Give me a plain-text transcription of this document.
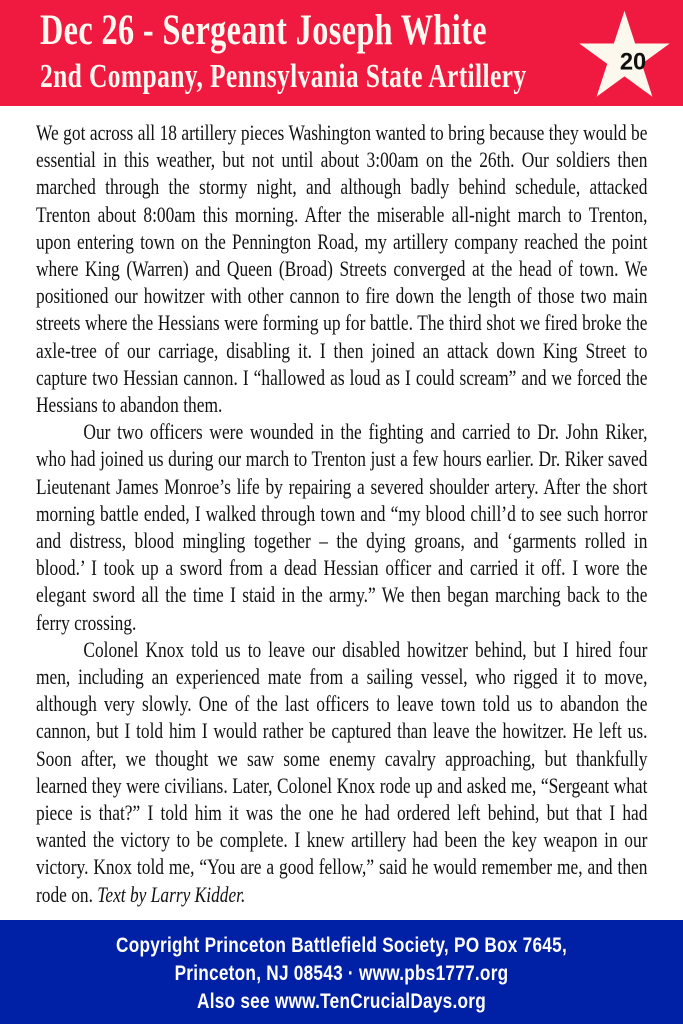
Dec 26 - Sergeant Joseph White
2nd Company, Pennsylvania State Artillery	20

We got across all 18 artillery pieces Washington wanted to bring because they would be essential in this weather, but not until about 3:00am on the 26th. Our soldiers then marched through the stormy night, and although badly behind schedule, attacked Trenton about 8:00am this morning. After the miserable all-night march to Trenton, upon entering town on the Pennington Road, my artillery company reached the point where King (Warren) and Queen (Broad) Streets converged at the head of town. We positioned our howitzer with other cannon to fire down the length of those two main streets where the Hessians were forming up for battle. The third shot we fired broke the axle-tree of our carriage, disabling it. I then joined an attack down King Street to capture two Hessian cannon. I “hallowed as loud as I could scream” and we forced the Hessians to abandon them.

Our two officers were wounded in the fighting and carried to Dr. John Riker, who had joined us during our march to Trenton just a few hours earlier. Dr. Riker saved Lieutenant James Monroe’s life by repairing a severed shoulder artery. After the short morning battle ended, I walked through town and “my blood chill’d to see such horror and distress, blood mingling together – the dying groans, and ‘garments rolled in blood.’ I took up a sword from a dead Hessian officer and carried it off. I wore the elegant sword all the time I staid in the army.” We then began marching back to the ferry crossing.

Colonel Knox told us to leave our disabled howitzer behind, but I hired four men, including an experienced mate from a sailing vessel, who rigged it to move, although very slowly. One of the last officers to leave town told us to abandon the cannon, but I told him I would rather be captured than leave the howitzer. He left us. Soon after, we thought we saw some enemy cavalry approaching, but thankfully learned they were civilians. Later, Colonel Knox rode up and asked me, “Sergeant what piece is that?” I told him it was the one he had ordered left behind, but that I had wanted the victory to be complete. I knew artillery had been the key weapon in our victory. Knox told me, “You are a good fellow,” said he would remember me, and then rode on. Text by Larry Kidder.

Copyright Princeton Battlefield Society, PO Box 7645,
Princeton, NJ 08543 · www.pbs1777.org
Also see www.TenCrucialDays.org
